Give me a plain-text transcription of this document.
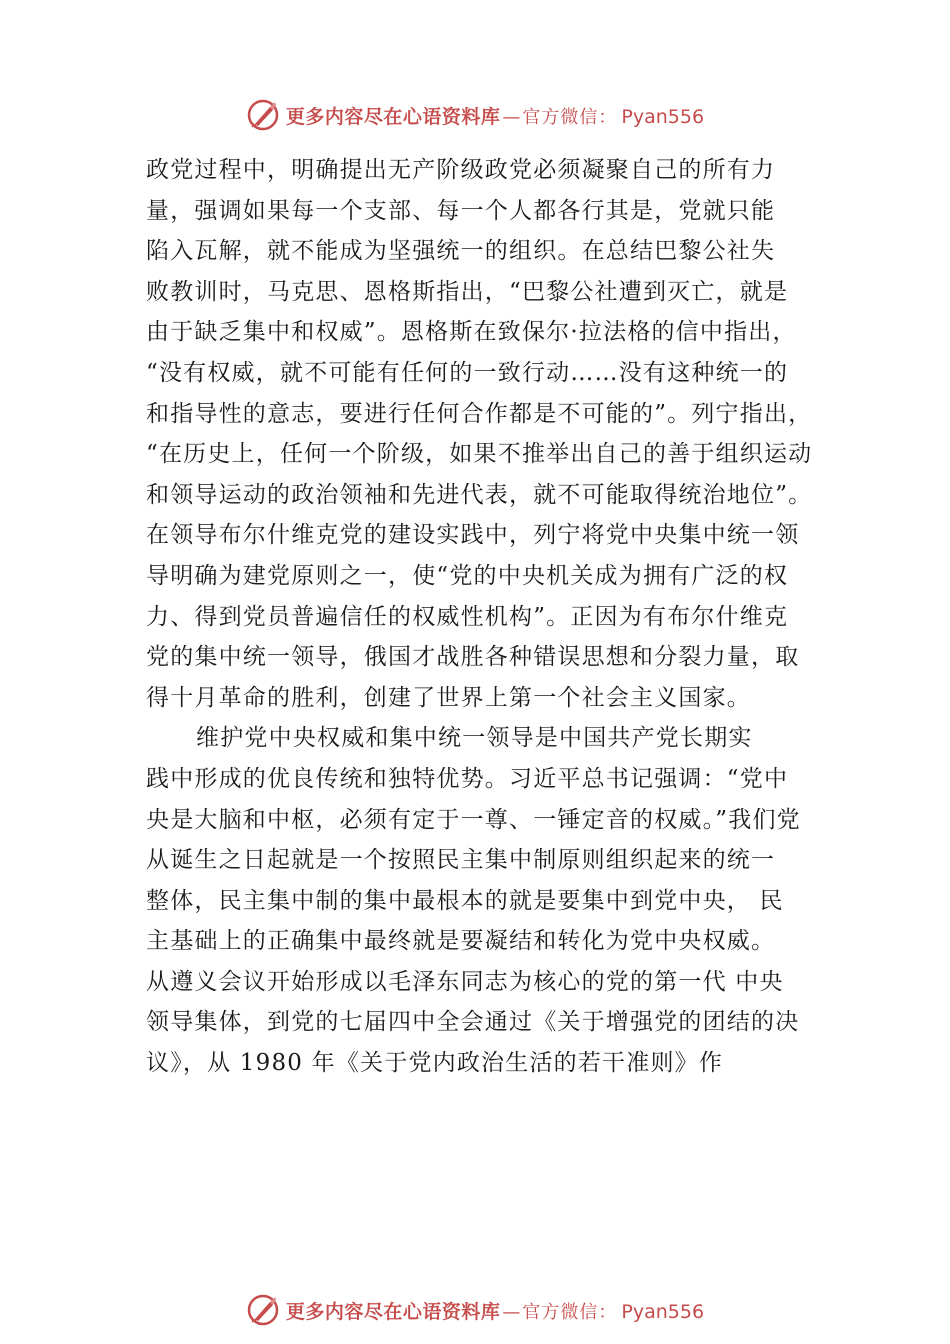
更多内容尽在心语资料库 — 官方微信： Pyan556
政党过程中，明确提出无产阶级政党必须凝聚自己的所有力
量，强调如果每一个支部、每一个人都各行其是，党就只能
陷入瓦解，就不能成为坚强统一的组织。在总结巴黎公社失
败教训时，马克思、恩格斯指出，“巴黎公社遭到灭亡，就是
由于缺乏集中和权威”。恩格斯在致保尔·拉法格的信中指出，
“没有权威，就不可能有任何的一致行动……没有这种统一的
和指导性的意志，要进行任何合作都是不可能的”。列宁指出，
“在历史上，任何一个阶级，如果不推举出自己的善于组织运动
和领导运动的政治领袖和先进代表，就不可能取得统治地位”。
在领导布尔什维克党的建设实践中，列宁将党中央集中统一领
导明确为建党原则之一，使“党的中央机关成为拥有广泛的权
力、得到党员普遍信任的权威性机构”。正因为有布尔什维克
党的集中统一领导，俄国才战胜各种错误思想和分裂力量，取
得十月革命的胜利，创建了世界上第一个社会主义国家。
维护党中央权威和集中统一领导是中国共产党长期实
践中形成的优良传统和独特优势。习近平总书记强调：“党中
央是大脑和中枢，必须有定于一尊、一锤定音的权威。”我们党
从诞生之日起就是一个按照民主集中制原则组织起来的统一
整体，民主集中制的集中最根本的就是要集中到党中央， 民
主基础上的正确集中最终就是要凝结和转化为党中央权威。
从遵义会议开始形成以毛泽东同志为核心的党的第一代 中央
领导集体，到党的七届四中全会通过《关于增强党的团结的决
议》，从 1980 年《关于党内政治生活的若干准则》作
更多内容尽在心语资料库 — 官方微信： Pyan556
